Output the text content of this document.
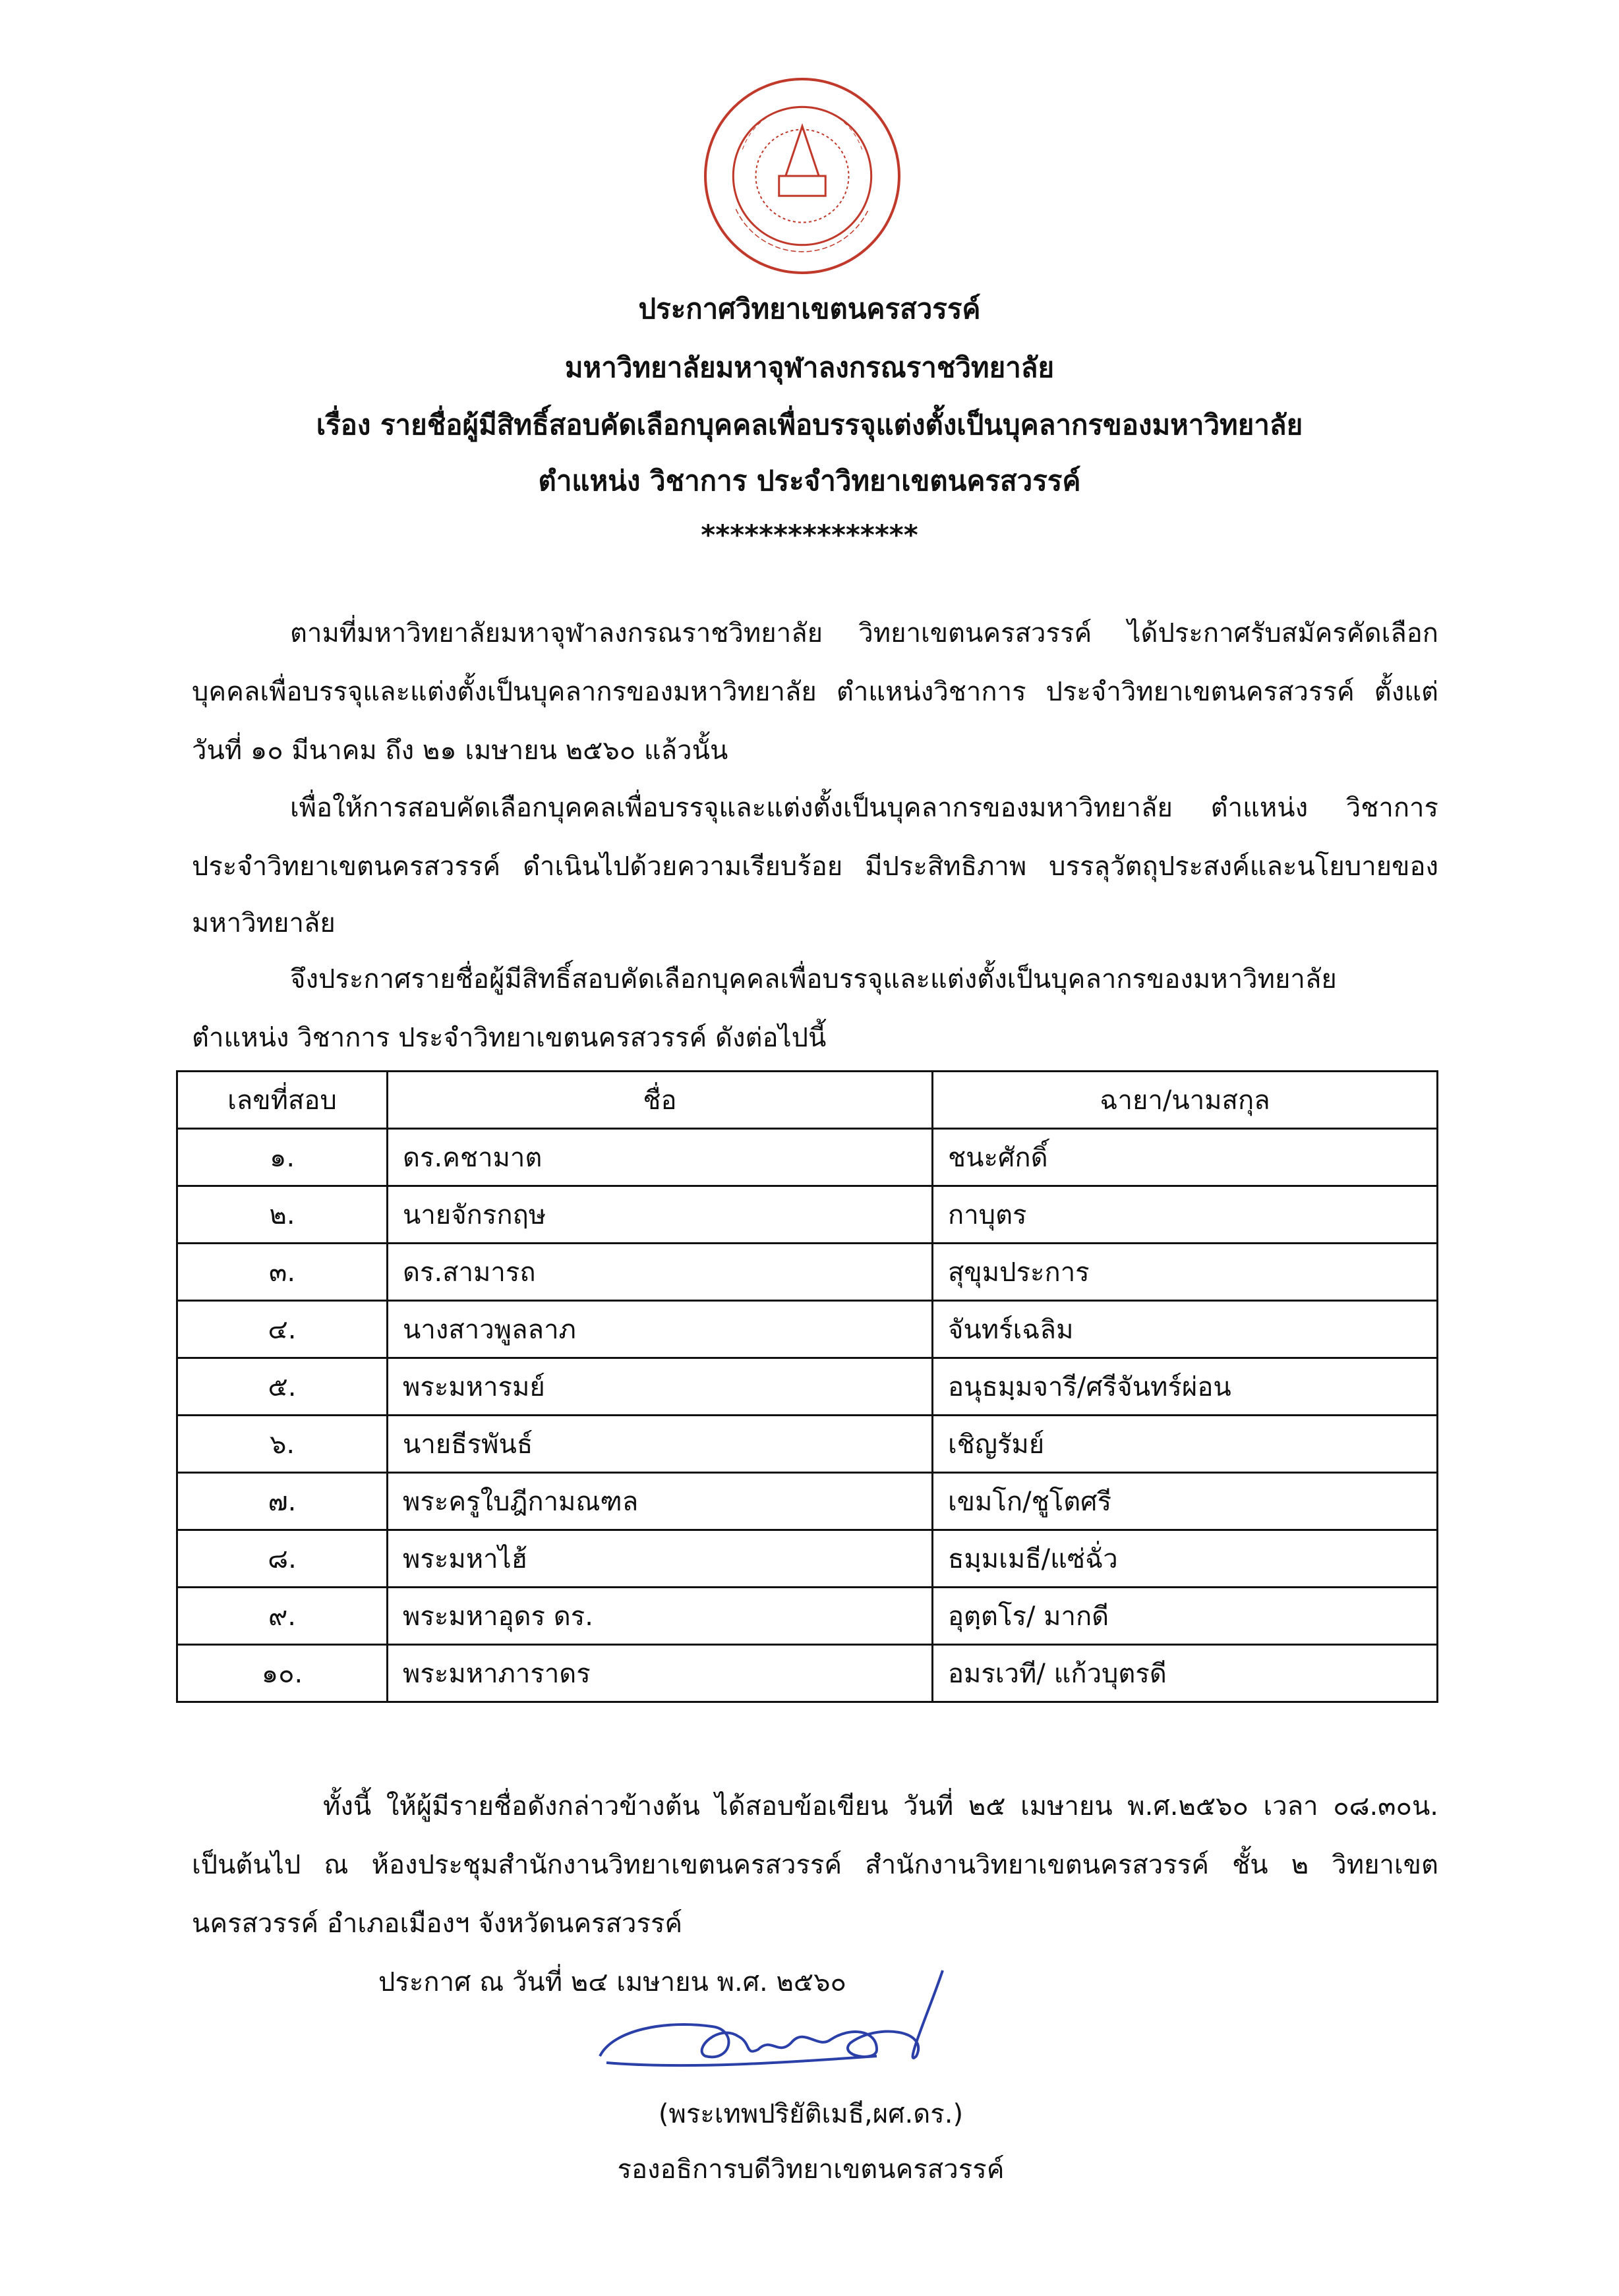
ประกาศวิทยาเขตนครสวรรค์
มหาวิทยาลัยมหาจุฬาลงกรณราชวิทยาลัย
เรื่อง รายชื่อผู้มีสิทธิ์สอบคัดเลือกบุคคลเพื่อบรรจุแต่งตั้งเป็นบุคลากรของมหาวิทยาลัย
ตำแหน่ง วิชาการ ประจำวิทยาเขตนครสวรรค์
***************
ตามที่มหาวิทยาลัยมหาจุฬาลงกรณราชวิทยาลัย วิทยาเขตนครสวรรค์ ได้ประกาศรับสมัครคัดเลือก
บุคคลเพื่อบรรจุและแต่งตั้งเป็นบุคลากรของมหาวิทยาลัย ตำแหน่งวิชาการ ประจำวิทยาเขตนครสวรรค์ ตั้งแต่
วันที่ ๑๐ มีนาคม ถึง ๒๑ เมษายน ๒๕๖๐ แล้วนั้น
เพื่อให้การสอบคัดเลือกบุคคลเพื่อบรรจุและแต่งตั้งเป็นบุคลากรของมหาวิทยาลัย ตำแหน่ง วิชาการ
ประจำวิทยาเขตนครสวรรค์ ดำเนินไปด้วยความเรียบร้อย มีประสิทธิภาพ บรรลุวัตถุประสงค์และนโยบายของ
มหาวิทยาลัย
จึงประกาศรายชื่อผู้มีสิทธิ์สอบคัดเลือกบุคคลเพื่อบรรจุและแต่งตั้งเป็นบุคลากรของมหาวิทยาลัย
ตำแหน่ง วิชาการ ประจำวิทยาเขตนครสวรรค์ ดังต่อไปนี้
เลขที่สอบ	ชื่อ	ฉายา/นามสกุล
๑.	ดร.คชามาต	ชนะศักดิ์
๒.	นายจักรกฤษ	กาบุตร
๓.	ดร.สามารถ	สุขุมประการ
๔.	นางสาวพูลลาภ	จันทร์เฉลิม
๕.	พระมหารมย์	อนุธมฺมจารี/ศรีจันทร์ผ่อน
๖.	นายธีรพันธ์	เชิญรัมย์
๗.	พระครูใบฎีกามณฑล	เขมโก/ชูโตศรี
๘.	พระมหาไฮ้	ธมฺมเมธี/แซ่ฉั่ว
๙.	พระมหาอุดร ดร.	อุตฺตโร/ มากดี
๑๐.	พระมหาภาราดร	อมรเวที/ แก้วบุตรดี
ทั้งนี้ ให้ผู้มีรายชื่อดังกล่าวข้างต้น ได้สอบข้อเขียน วันที่ ๒๕ เมษายน พ.ศ.๒๕๖๐ เวลา ๐๘.๓๐น.
เป็นต้นไป ณ ห้องประชุมสำนักงานวิทยาเขตนครสวรรค์ สำนักงานวิทยาเขตนครสวรรค์ ชั้น ๒ วิทยาเขต
นครสวรรค์ อำเภอเมืองฯ จังหวัดนครสวรรค์
ประกาศ ณ วันที่ ๒๔ เมษายน พ.ศ. ๒๕๖๐
(พระเทพปริยัติเมธี,ผศ.ดร.)
รองอธิการบดีวิทยาเขตนครสวรรค์
